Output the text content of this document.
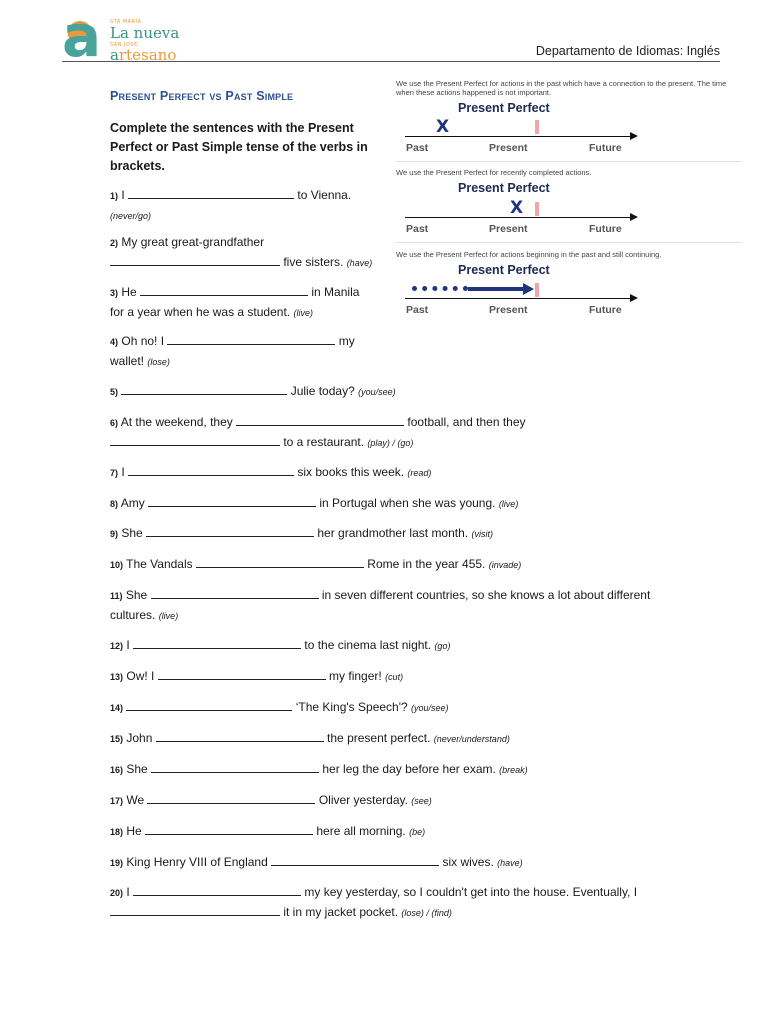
a STA MARÍA
La nueva
SAN JOSÉ
artesano	Departamento de Idiomas: Inglés
Present Perfect vs Past Simple
Complete the sentences with the Present Perfect or Past Simple tense of the verbs in brackets.
We use the Present Perfect for actions in the past which have a connection to the present. The time when these actions happened is not important.
Present Perfect
X
Past	Present	Future
We use the Present Perfect for recently completed actions.
Present Perfect
X
Past	Present	Future
We use the Present Perfect for actions beginning in the past and still continuing.
Present Perfect
Past	Present	Future
1) I	to Vienna.
(never/go)
2) My great great-grandfather
five sisters. (have)
3) He	in Manila
for a year when he was a student. (live)
4) Oh no! I	my
wallet! (lose)
5)	Julie today? (you/see)
6) At the weekend, they	football, and then they
to a restaurant. (play) / (go)
7) I	six books this week. (read)
8) Amy	in Portugal when she was young. (live)
9) She	her grandmother last month. (visit)
10) The Vandals	Rome in the year 455. (invade)
11) She	in seven different countries, so she knows a lot about different
cultures. (live)
12) I	to the cinema last night. (go)
13) Ow! I	my finger! (cut)
14)	‘The King's Speech'? (you/see)
15) John	the present perfect. (never/understand)
16) She	her leg the day before her exam. (break)
17) We	Oliver yesterday. (see)
18) He	here all morning. (be)
19) King Henry VIII of England	six wives. (have)
20) I	my key yesterday, so I couldn't get into the house. Eventually, I
it in my jacket pocket. (lose) / (find)
